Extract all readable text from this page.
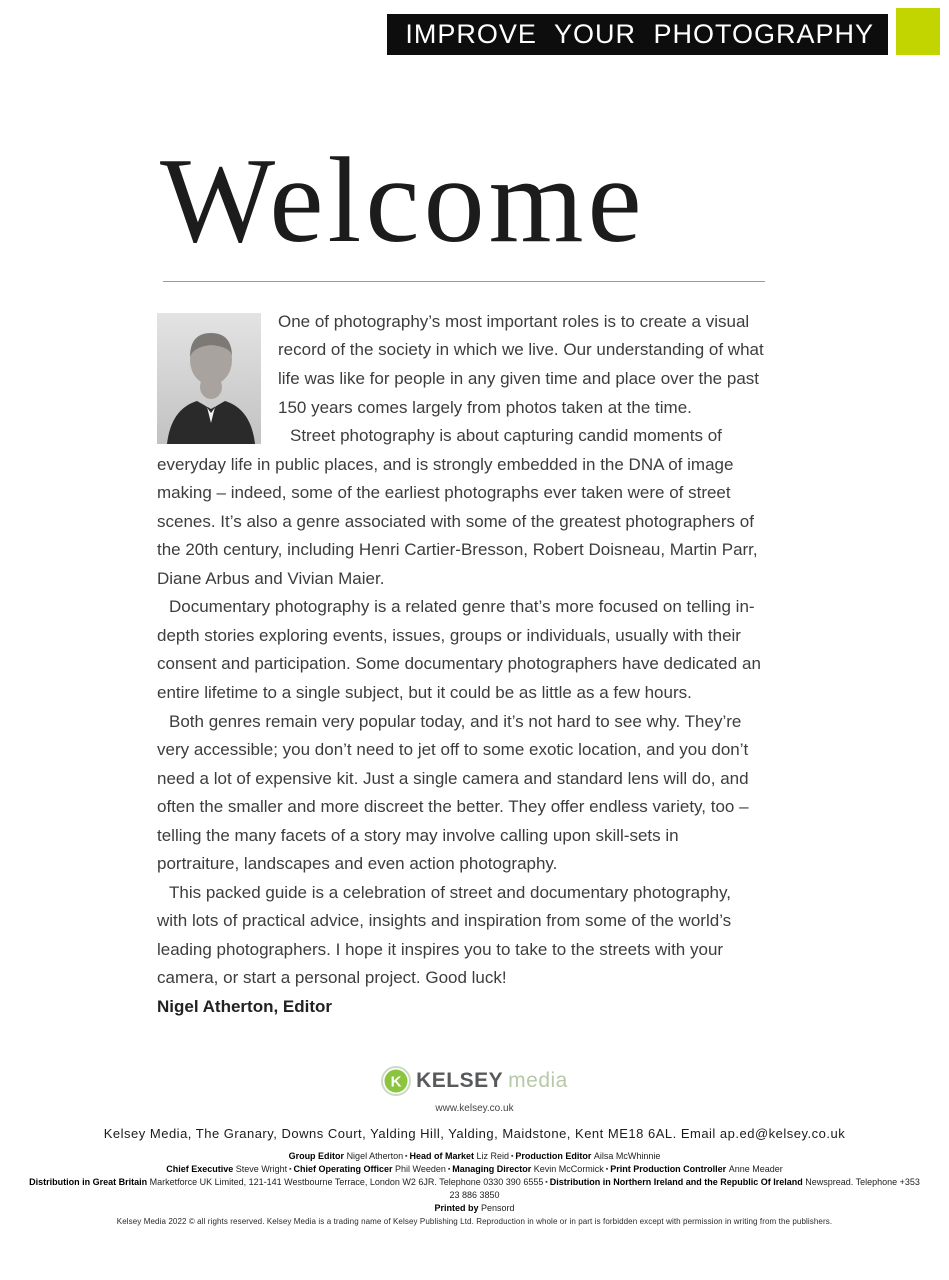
IMPROVE YOUR PHOTOGRAPHY
Welcome

One of photography’s most important roles is to create a visual record of the society in which we live. Our understanding of what life was like for people in any given time and place over the past 150 years comes largely from photos taken at the time.

Street photography is about capturing candid moments of everyday life in public places, and is strongly embedded in the DNA of image making – indeed, some of the earliest photographs ever taken were of street scenes. It’s also a genre associated with some of the greatest photographers of the 20th century, including Henri Cartier-Bresson, Robert Doisneau, Martin Parr, Diane Arbus and Vivian Maier.

Documentary photography is a related genre that’s more focused on telling in-depth stories exploring events, issues, groups or individuals, usually with their consent and participation. Some documentary photographers have dedicated an entire lifetime to a single subject, but it could be as little as a few hours.

Both genres remain very popular today, and it’s not hard to see why. They’re very accessible; you don’t need to jet off to some exotic location, and you don’t need a lot of expensive kit. Just a single camera and standard lens will do, and often the smaller and more discreet the better. They offer endless variety, too – telling the many facets of a story may involve calling upon skill-sets in portraiture, landscapes and even action photography.

This packed guide is a celebration of street and documentary photography, with lots of practical advice, insights and inspiration from some of the world’s leading photographers. I hope it inspires you to take to the streets with your camera, or start a personal project. Good luck!

Nigel Atherton, Editor

K KELSEY media
www.kelsey.co.uk
Kelsey Media, The Granary, Downs Court, Yalding Hill, Yalding, Maidstone, Kent ME18 6AL. Email ap.ed@kelsey.co.uk
Group Editor Nigel Atherton ▪ Head of Market Liz Reid ▪ Production Editor Ailsa McWhinnie
Chief Executive Steve Wright ▪ Chief Operating Officer Phil Weeden ▪ Managing Director Kevin McCormick ▪ Print Production Controller Anne Meader
Distribution in Great Britain Marketforce UK Limited, 121-141 Westbourne Terrace, London W2 6JR. Telephone 0330 390 6555 ▪ Distribution in Northern Ireland and the Republic Of Ireland Newspread. Telephone +353 23 886 3850
Printed by Pensord
Kelsey Media 2022 © all rights reserved. Kelsey Media is a trading name of Kelsey Publishing Ltd. Reproduction in whole or in part is forbidden except with permission in writing from the publishers.
